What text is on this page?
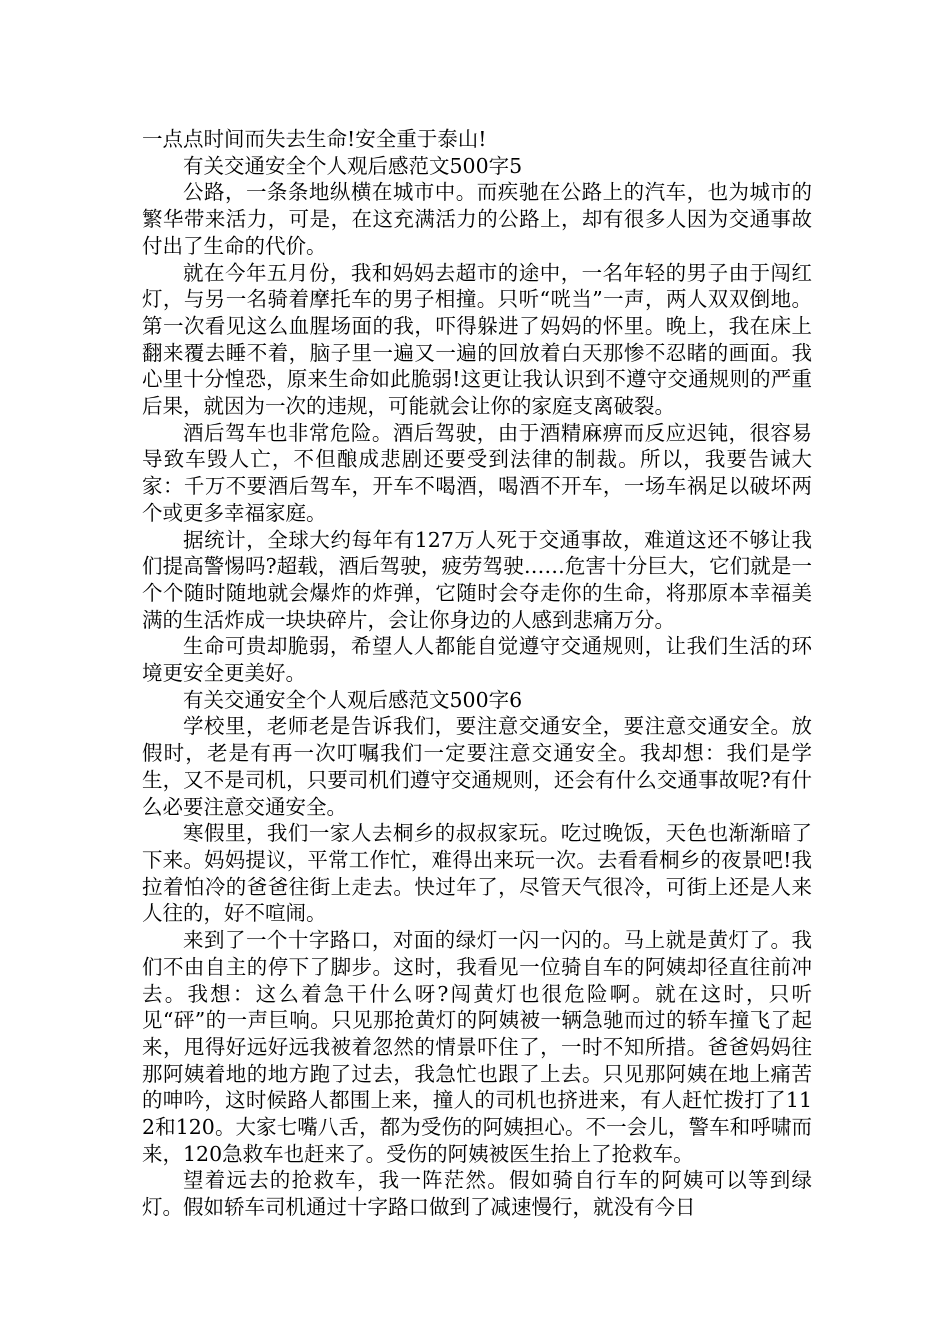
一点点时间而失去生命!安全重于泰山!

有关交通安全个人观后感范文500字5

公路，一条条地纵横在城市中。而疾驰在公路上的汽车，也为城市的繁华带来活力，可是，在这充满活力的公路上，却有很多人因为交通事故付出了生命的代价。

就在今年五月份，我和妈妈去超市的途中，一名年轻的男子由于闯红灯，与另一名骑着摩托车的男子相撞。只听“咣当”一声，两人双双倒地。第一次看见这么血腥场面的我，吓得躲进了妈妈的怀里。晚上，我在床上翻来覆去睡不着，脑子里一遍又一遍的回放着白天那惨不忍睹的画面。我心里十分惶恐，原来生命如此脆弱!这更让我认识到不遵守交通规则的严重后果，就因为一次的违规，可能就会让你的家庭支离破裂。

酒后驾车也非常危险。酒后驾驶，由于酒精麻痹而反应迟钝，很容易导致车毁人亡，不但酿成悲剧还要受到法律的制裁。所以，我要告诫大家：千万不要酒后驾车，开车不喝酒，喝酒不开车，一场车祸足以破坏两个或更多幸福家庭。

据统计，全球大约每年有127万人死于交通事故，难道这还不够让我们提高警惕吗?超载，酒后驾驶，疲劳驾驶……危害十分巨大，它们就是一个个随时随地就会爆炸的炸弹，它随时会夺走你的生命，将那原本幸福美满的生活炸成一块块碎片，会让你身边的人感到悲痛万分。

生命可贵却脆弱，希望人人都能自觉遵守交通规则，让我们生活的环境更安全更美好。

有关交通安全个人观后感范文500字6

学校里，老师老是告诉我们，要注意交通安全，要注意交通安全。放假时，老是有再一次叮嘱我们一定要注意交通安全。我却想：我们是学生，又不是司机，只要司机们遵守交通规则，还会有什么交通事故呢?有什么必要注意交通安全。

寒假里，我们一家人去桐乡的叔叔家玩。吃过晚饭，天色也渐渐暗了下来。妈妈提议，平常工作忙，难得出来玩一次。去看看桐乡的夜景吧!我拉着怕冷的爸爸往街上走去。快过年了，尽管天气很冷，可街上还是人来人往的，好不喧闹。

来到了一个十字路口，对面的绿灯一闪一闪的。马上就是黄灯了。我们不由自主的停下了脚步。这时，我看见一位骑自车的阿姨却径直往前冲去。我想：这么着急干什么呀?闯黄灯也很危险啊。就在这时，只听见“砰”的一声巨响。只见那抢黄灯的阿姨被一辆急驰而过的轿车撞飞了起来，甩得好远好远我被着忽然的情景吓住了，一时不知所措。爸爸妈妈往那阿姨着地的地方跑了过去，我急忙也跟了上去。只见那阿姨在地上痛苦的呻吟，这时候路人都围上来，撞人的司机也挤进来，有人赶忙拨打了112和120。大家七嘴八舌，都为受伤的阿姨担心。不一会儿，警车和呼啸而来，120急救车也赶来了。受伤的阿姨被医生抬上了抢救车。

望着远去的抢救车，我一阵茫然。假如骑自行车的阿姨可以等到绿灯。假如轿车司机通过十字路口做到了减速慢行，就没有今日
